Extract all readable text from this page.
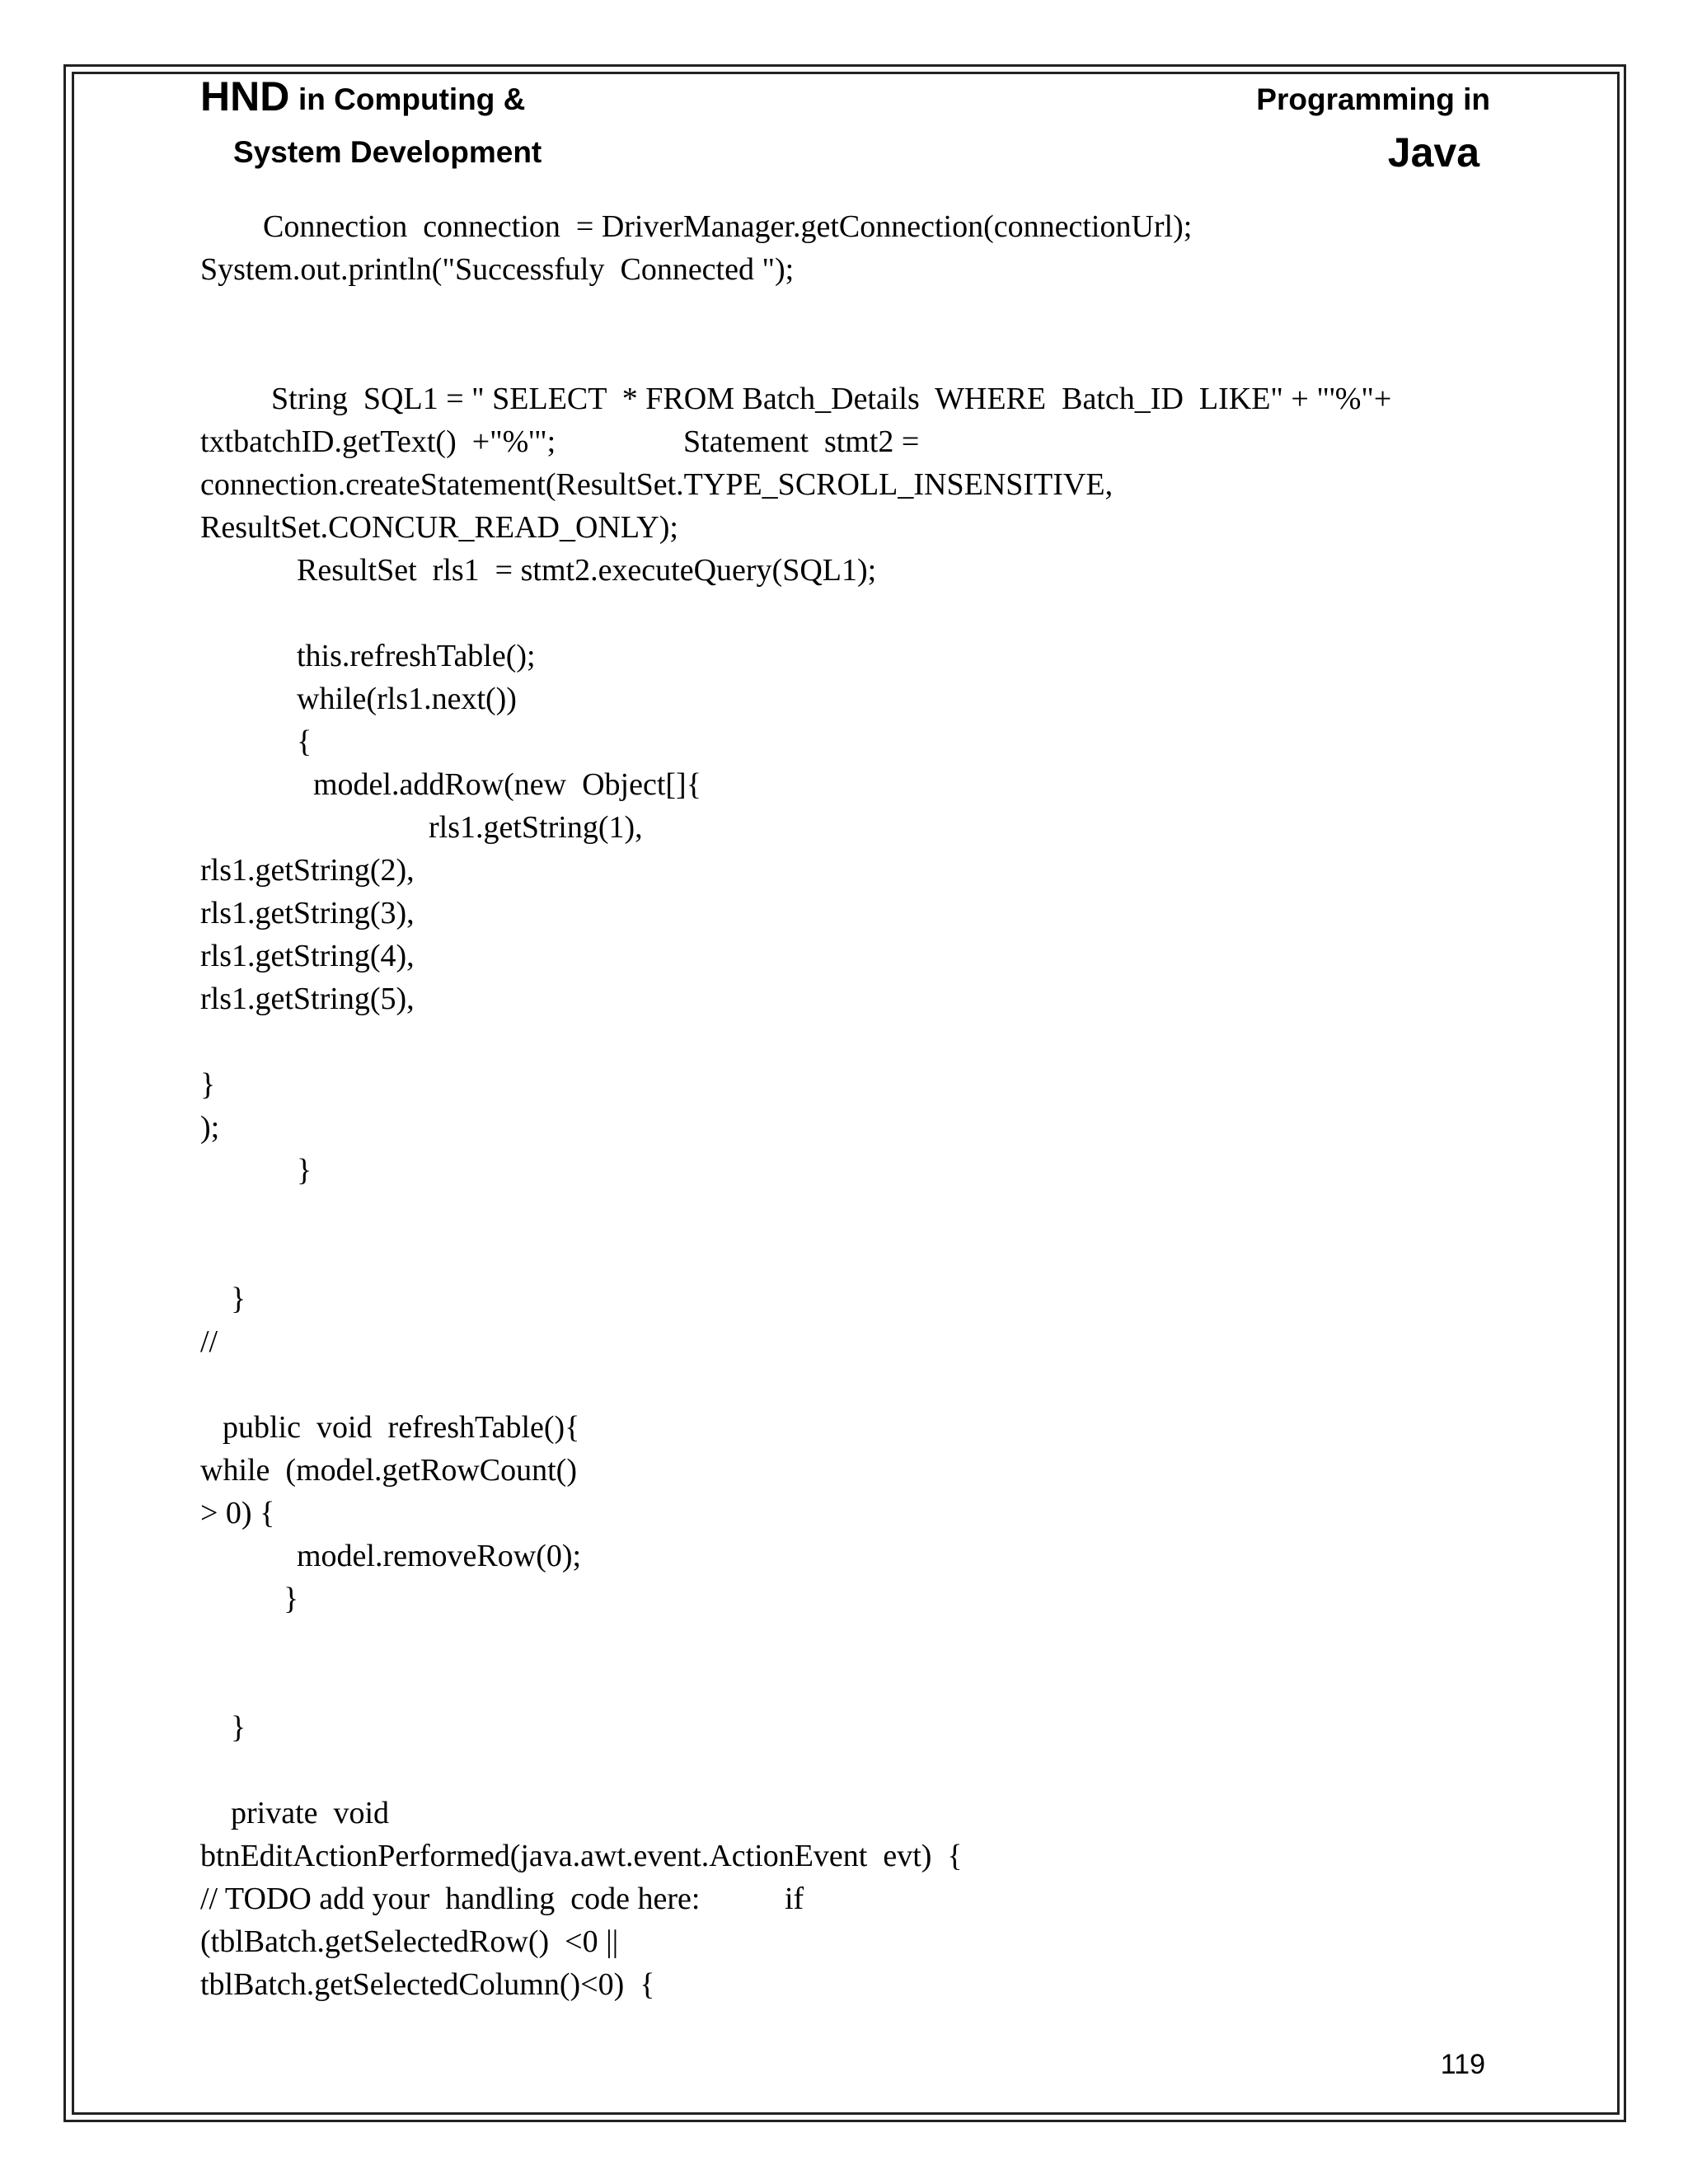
HND in Computing &
System Development
Programming in
Java
Connection  connection  = DriverManager.getConnection(connectionUrl);
System.out.println("Successfuly  Connected ");
String  SQL1 = " SELECT  * FROM Batch_Details  WHERE  Batch_ID  LIKE" + "'%"+
txtbatchID.getText()  +"%'";	Statement  stmt2 =
connection.createStatement(ResultSet.TYPE_SCROLL_INSENSITIVE,
ResultSet.CONCUR_READ_ONLY);
ResultSet  rls1  = stmt2.executeQuery(SQL1);
this.refreshTable();
while(rls1.next())
{
model.addRow(new  Object[]{
rls1.getString(1),
rls1.getString(2),
rls1.getString(3),
rls1.getString(4),
rls1.getString(5),
}
);
}
}
//
public  void  refreshTable(){
while  (model.getRowCount()
> 0) {
model.removeRow(0);
}
}
private  void
btnEditActionPerformed(java.awt.event.ActionEvent  evt)  {
// TODO add your  handling  code here:	if
(tblBatch.getSelectedRow()  <0 ||
tblBatch.getSelectedColumn()<0)  {
119
